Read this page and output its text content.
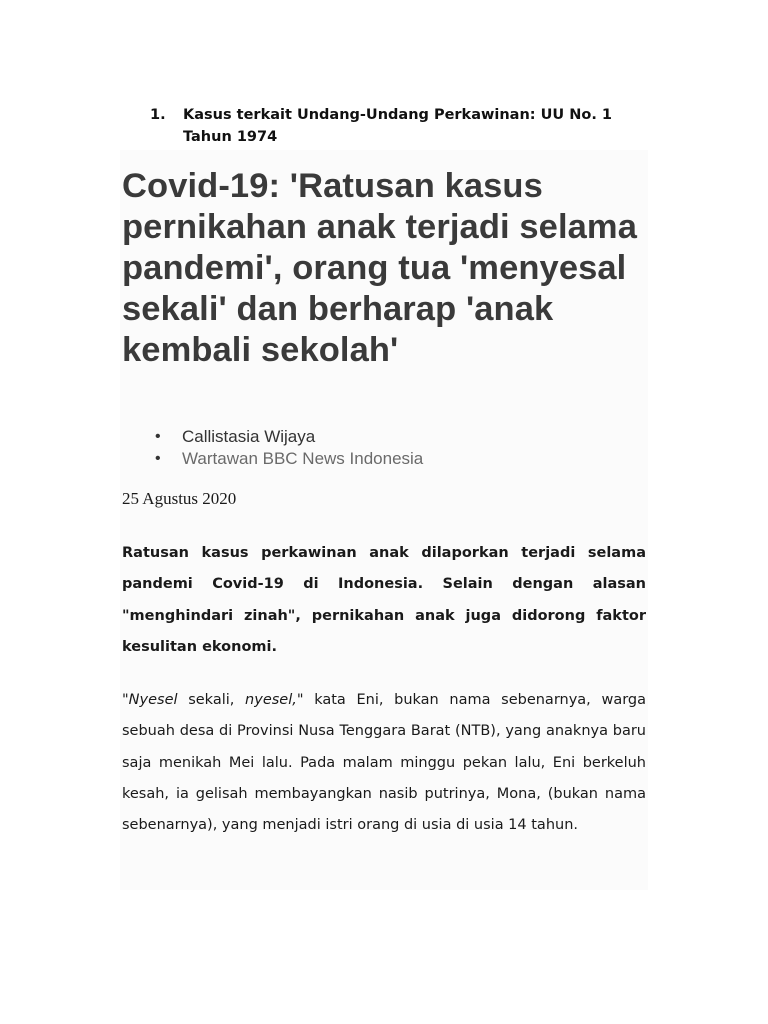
1. Kasus terkait Undang-Undang Perkawinan: UU No. 1 Tahun 1974
Covid-19: 'Ratusan kasus pernikahan anak terjadi selama pandemi', orang tua 'menyesal sekali' dan berharap 'anak kembali sekolah'
• Callistasia Wijaya
• Wartawan BBC News Indonesia
25 Agustus 2020

Ratusan kasus perkawinan anak dilaporkan terjadi selama pandemi Covid-19 di Indonesia. Selain dengan alasan "menghindari zinah", pernikahan anak juga didorong faktor kesulitan ekonomi.

"Nyesel sekali, nyesel," kata Eni, bukan nama sebenarnya, warga sebuah desa di Provinsi Nusa Tenggara Barat (NTB), yang anaknya baru saja menikah Mei lalu. Pada malam minggu pekan lalu, Eni berkeluh kesah, ia gelisah membayangkan nasib putrinya, Mona, (bukan nama sebenarnya), yang menjadi istri orang di usia di usia 14 tahun.
